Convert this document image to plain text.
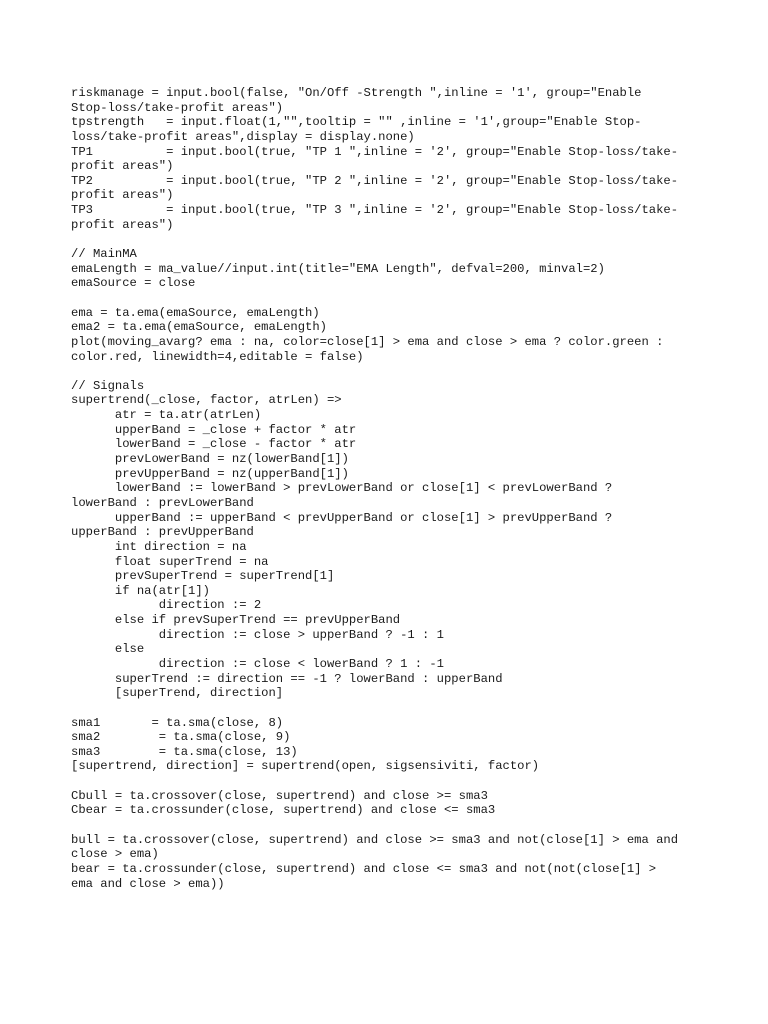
riskmanage = input.bool(false, "On/Off -Strength ",inline = '1', group="Enable
Stop-loss/take-profit areas")
tpstrength   = input.float(1,"",tooltip = "" ,inline = '1',group="Enable Stop-
loss/take-profit areas",display = display.none)
TP1          = input.bool(true, "TP 1 ",inline = '2', group="Enable Stop-loss/take-
profit areas")
TP2          = input.bool(true, "TP 2 ",inline = '2', group="Enable Stop-loss/take-
profit areas")
TP3          = input.bool(true, "TP 3 ",inline = '2', group="Enable Stop-loss/take-
profit areas")
// MainMA
emaLength = ma_value//input.int(title="EMA Length", defval=200, minval=2)
emaSource = close
ema = ta.ema(emaSource, emaLength)
ema2 = ta.ema(emaSource, emaLength)
plot(moving_avarg? ema : na, color=close[1] > ema and close > ema ? color.green :
color.red, linewidth=4,editable = false)
// Signals
supertrend(_close, factor, atrLen) =>
atr = ta.atr(atrLen)
upperBand = _close + factor * atr
lowerBand = _close - factor * atr
prevLowerBand = nz(lowerBand[1])
prevUpperBand = nz(upperBand[1])
lowerBand := lowerBand > prevLowerBand or close[1] < prevLowerBand ?
lowerBand : prevLowerBand
upperBand := upperBand < prevUpperBand or close[1] > prevUpperBand ?
upperBand : prevUpperBand
int direction = na
float superTrend = na
prevSuperTrend = superTrend[1]
if na(atr[1])
direction := 2
else if prevSuperTrend == prevUpperBand
direction := close > upperBand ? -1 : 1
else
direction := close < lowerBand ? 1 : -1
superTrend := direction == -1 ? lowerBand : upperBand
[superTrend, direction]
sma1       = ta.sma(close, 8)
sma2        = ta.sma(close, 9)
sma3        = ta.sma(close, 13)
[supertrend, direction] = supertrend(open, sigsensiviti, factor)
Cbull = ta.crossover(close, supertrend) and close >= sma3
Cbear = ta.crossunder(close, supertrend) and close <= sma3
bull = ta.crossover(close, supertrend) and close >= sma3 and not(close[1] > ema and
close > ema)
bear = ta.crossunder(close, supertrend) and close <= sma3 and not(not(close[1] >
ema and close > ema))
